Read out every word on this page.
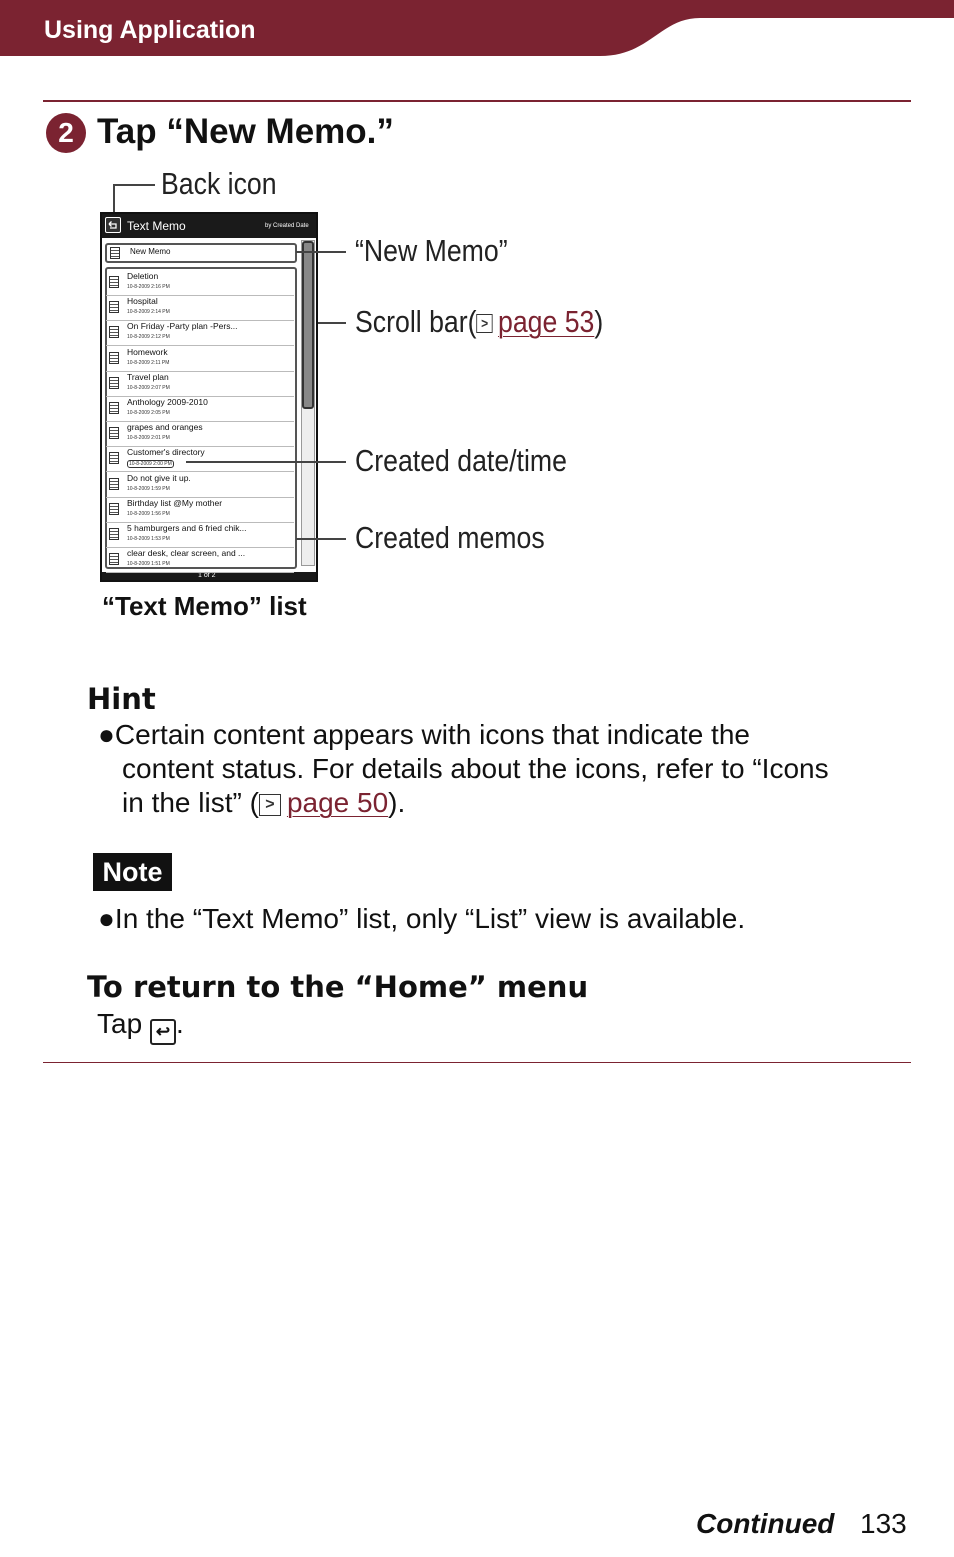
Using Application
2 Tap “New Memo.”
Back icon
Text Memo	by Created Date
New Memo
1 of 2
Deletion
10-8-2009 2:16 PM
Hospital
10-8-2009 2:14 PM
On Friday -Party plan -Pers...
10-8-2009 2:12 PM
Homework
10-8-2009 2:11 PM
Travel plan
10-8-2009 2:07 PM
Anthology 2009-2010
10-8-2009 2:05 PM
grapes and oranges
10-8-2009 2:01 PM
Customer's directory
10-8-2009 2:00 PM
Do not give it up.
10-8-2009 1:59 PM
Birthday list @My mother
10-8-2009 1:56 PM
5 hamburgers and 6 fried chik...
10-8-2009 1:53 PM
clear desk, clear screen, and ...
10-8-2009 1:51 PM
“New Memo”
Scroll bar( > page 53)
Created date/time
Created memos
“Text Memo” list
Hint
●Certain content appears with icons that indicate the
content status. For details about the icons, refer to “Icons
in the list” ( > page 50).
Note
●In the “Text Memo” list, only “List” view is available.
To return to the “Home” menu
Tap ↩ .
Continued 133
